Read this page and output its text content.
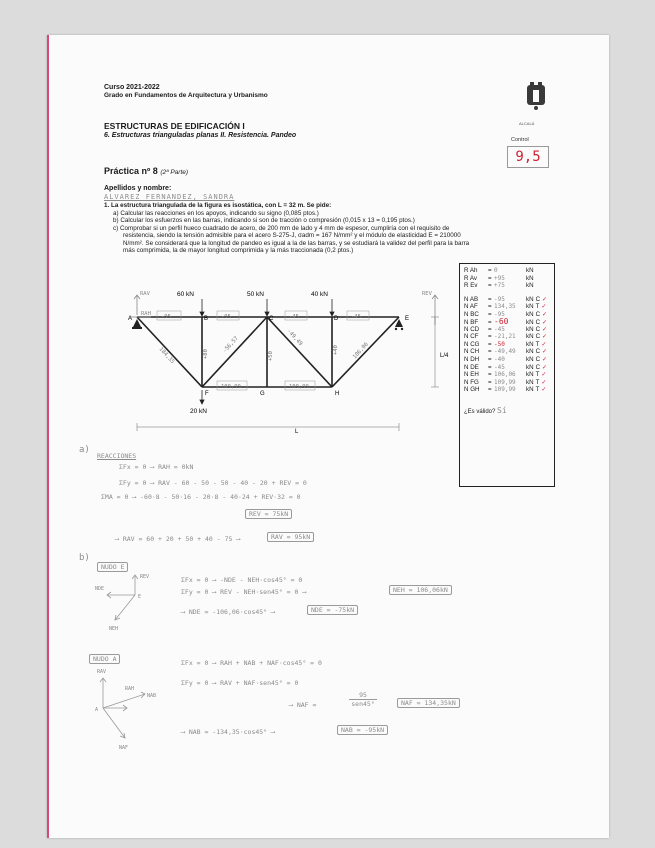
Curso 2021-2022
Grado en Fundamentos de Arquitectura y Urbanismo
ESTRUCTURAS DE EDIFICACIÓN I
6. Estructuras trianguladas planas II. Resistencia. Pandeo
Práctica nº 8 (2ª Parte)
Apellidos y nombre:
ALVAREZ FERNANDEZ, SANDRA
ALCALÁ
Control
9,5
1. La estructura triangulada de la figura es isostática, con L = 32 m. Se pide:
a) Calcular las reacciones en los apoyos, indicando su signo (0,085 ptos.)
b) Calcular los esfuerzos en las barras, indicando si son de tracción o compresión (0,015 x 13 = 0,195 ptos.)
c) Comprobar si un perfil hueco cuadrado de acero, de 200 mm de lado y 4 mm de espesor, cumpliría con el requisito de
resistencia, siendo la tensión admisible para el acero S-275-J, σadm = 167 N/mm² y el módulo de elasticidad E = 210000
N/mm². Se considerará que la longitud de pandeo es igual a la de las barras, y se estudiará la validez del perfil para la barra
más comprimida, la de mayor longitud comprimida y la más traccionada (0,2 ptos.)
60 kN	50 kN	40 kN
20 kN
A	B	C	D	E
F	G	H
L
L/4
RAV	REV
RAH -95	-95	-45	-45
184,35	+80 -56,57
+50
-49,49
+40 106,06
109,99	109,99
R Ah = 0	kN
R Av = +95	kN
R Ev = +75	kN
N AB = -95	kN C ✓
N AF = 134,35 kN T ✓
N BC = -95	kN C ✓
N BF = -60	kN C ✓
N CD = -45	kN C ✓
N CF = -21,21 kN C ✓
N CG = -50	kN T ✓
N CH = -49,49 kN C ✓
N DH = -40	kN C ✓
N DE = -45	kN C ✓
N EH = 106,06 kN T ✓
N FG = 109,99 kN T ✓
N GH = 109,99 kN T ✓
¿Es válido? Sí
a)
REACCIONES
ΣFx = 0 ⟶ RAH = 0kN
ΣFy = 0 ⟶ RAV - 60 - 50 - 50 - 40 - 20 + REV = 0
ΣMA = 0 ⟶ -60·8 - 50·16 - 20·8 - 40·24 + REV·32 = 0
REV = 75kN
⟶ RAV = 60 + 20 + 50 + 40 - 75 ⟶	RAV = 95kN
b)
NUDO E
REV
NDE
E
NEH
ΣFx = 0 ⟶ -NDE - NEH·cos45° = 0
ΣFy = 0 ⟶ REV - NEH·sen45° = 0 ⟶	NEH = 106,06kN
⟶ NDE = -106,06·cos45° ⟶	NDE = -75kN
NUDO A
RAV
RAH
NAB
A
NAF
ΣFx = 0 ⟶ RAH + NAB + NAF·cos45° = 0
ΣFy = 0 ⟶ RAV + NAF·sen45° = 0
⟶ NAF =
95
sen45°	NAF = 134,35kN
⟶ NAB = -134,35·cos45° ⟶	NAB = -95kN
